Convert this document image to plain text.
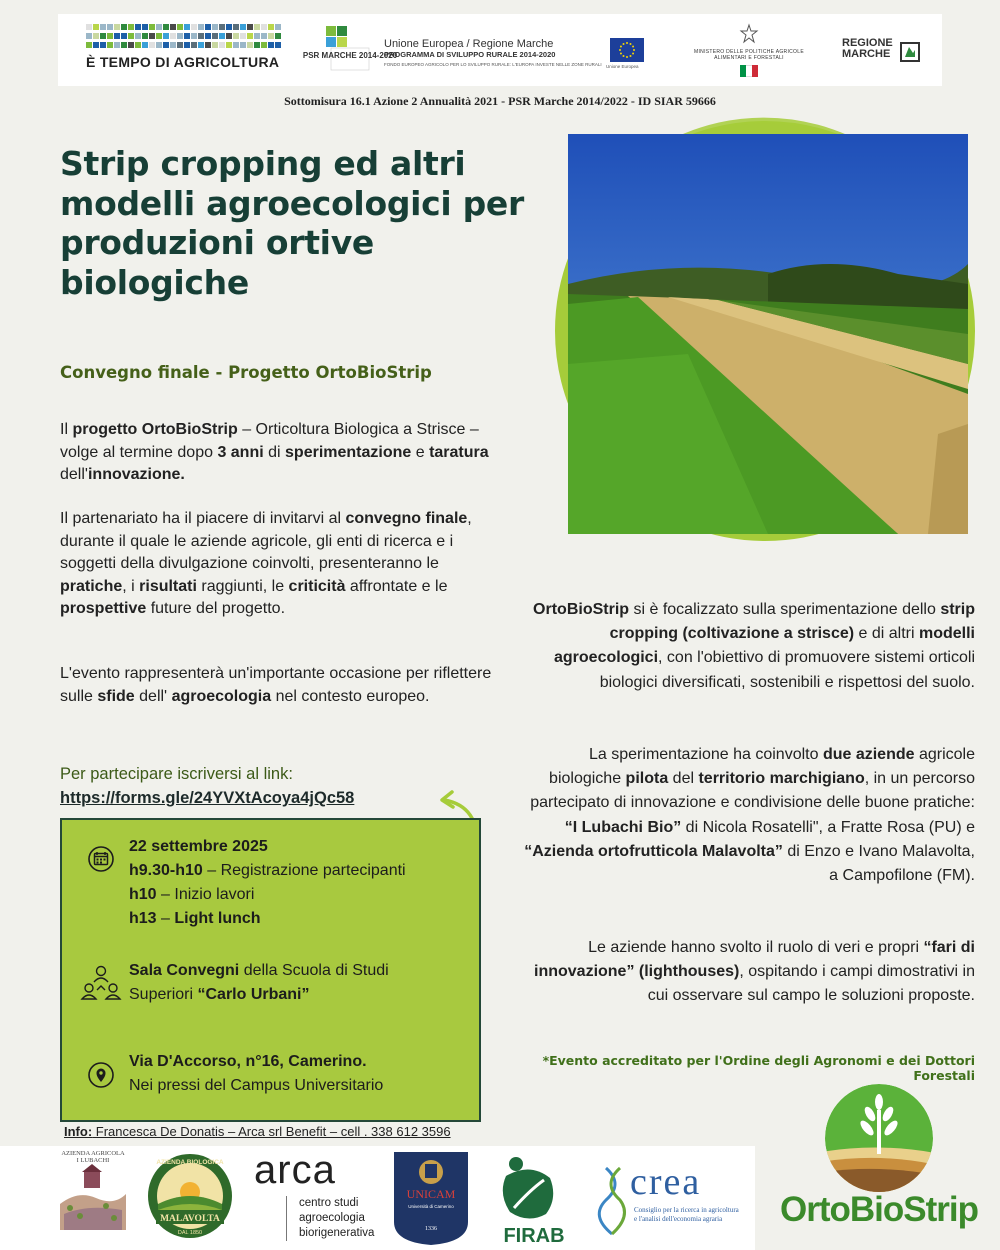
È TEMPO DI AGRICOLTURA	PSR MARCHE 2014-2020
Unione Europea / Regione Marche
PROGRAMMA DI SVILUPPO RURALE 2014-2020
FONDO EUROPEO AGRICOLO PER LO SVILUPPO RURALE: L'EUROPA INVESTE NELLE ZONE RURALI Unione Europea
MINISTERO DELLE POLITICHE AGRICOLE
ALIMENTARI E FORESTALI
REGIONE
MARCHE
Sottomisura 16.1 Azione 2 Annualità 2021 - PSR Marche 2014/2022 - ID SIAR 59666
Strip cropping ed altri modelli agroecologici per produzioni ortive biologiche
Convegno finale - Progetto OrtoBioStrip
Il progetto OrtoBioStrip – Orticoltura Biologica a Strisce – volge al termine dopo 3 anni di sperimentazione e taratura dell'innovazione.
Il partenariato ha il piacere di invitarvi al convegno finale, durante il quale le aziende agricole, gli enti di ricerca e i soggetti della divulgazione coinvolti, presenteranno le pratiche, i risultati raggiunti, le criticità affrontate e le prospettive future del progetto.
L'evento rappresenterà un'importante occasione per riflettere sulle sfide dell' agroecologia nel contesto europeo.
Per partecipare iscriversi al link:
https://forms.gle/24YVXtAcoya4jQc58
22 settembre 2025
h9.30-h10 – Registrazione partecipanti
h10 – Inizio lavori
h13 – Light lunch
Sala Convegni della Scuola di Studi Superiori “Carlo Urbani”
Via D'Accorso, n°16, Camerino.
Nei pressi del Campus Universitario
OrtoBioStrip si è focalizzato sulla sperimentazione dello strip cropping (coltivazione a strisce) e di altri modelli agroecologici, con l'obiettivo di promuovere sistemi orticoli biologici diversificati, sostenibili e rispettosi del suolo.
La sperimentazione ha coinvolto due aziende agricole biologiche pilota del territorio marchigiano, in un percorso partecipato di innovazione e condivisione delle buone pratiche: “I Lubachi Bio” di Nicola Rosatelli", a Fratte Rosa (PU) e “Azienda ortofrutticola Malavolta” di Enzo e Ivano Malavolta, a Campofilone (FM).
Le aziende hanno svolto il ruolo di veri e propri “fari di innovazione” (lighthouses), ospitando i campi dimostrativi in cui osservare sul campo le soluzioni proposte.
*Evento accreditato per l'Ordine degli Agronomi e dei Dottori Forestali
Info: Francesca De Donatis – Arca srl Benefit – cell . 338 612 3596
AZIENDA AGRICOLA
I LUBACHI	AZIENDA BIOLOGICA
MALAVOLTA
DAL 1850
arca
centro studi
agroecologia
biorigenerativa
UNICAM
Università di Camerino
1336	FIRAB
crea
Consiglio per la ricerca in agricoltura
e l'analisi dell'economia agraria	OrtoBioStrip
